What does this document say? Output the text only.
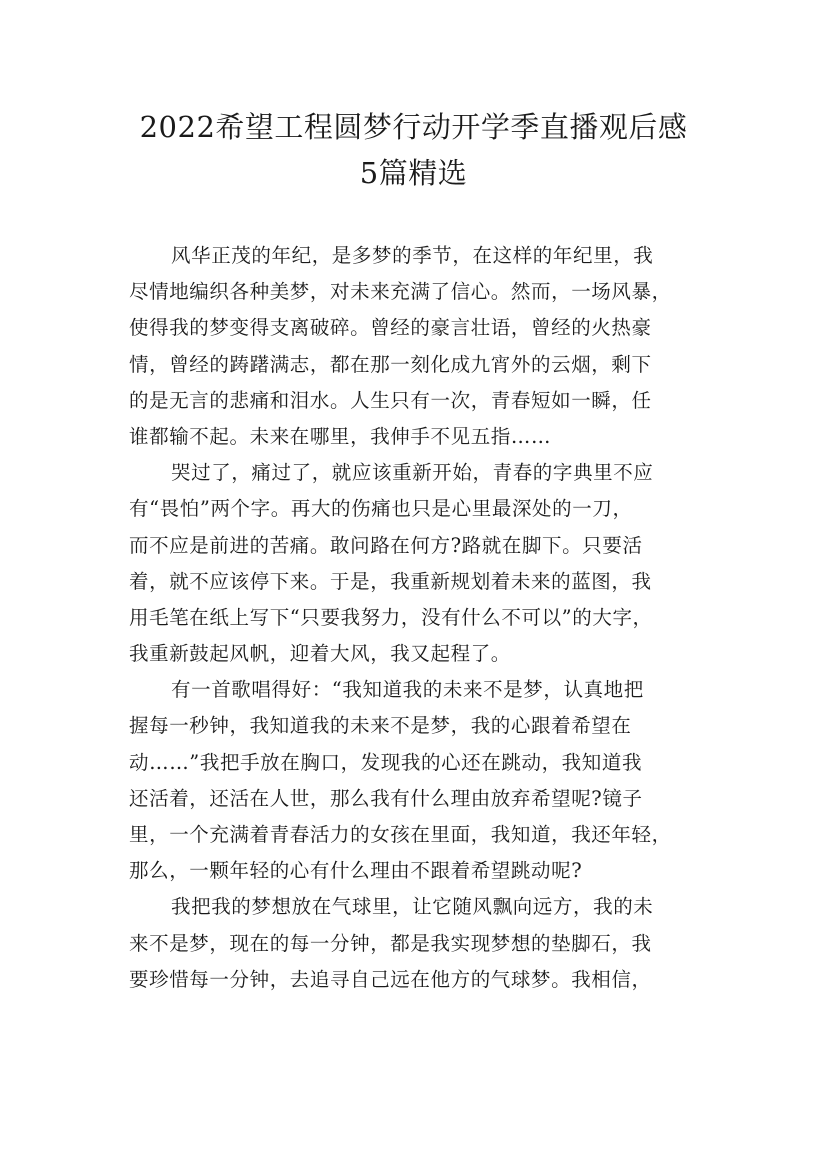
2022希望工程圆梦行动开学季直播观后感
5篇精选
风华正茂的年纪，是多梦的季节，在这样的年纪里，我
尽情地编织各种美梦，对未来充满了信心。然而，一场风暴，
使得我的梦变得支离破碎。曾经的豪言壮语，曾经的火热豪
情，曾经的踌躇满志，都在那一刻化成九宵外的云烟，剩下
的是无言的悲痛和泪水。人生只有一次，青春短如一瞬，任
谁都输不起。未来在哪里，我伸手不见五指……
哭过了，痛过了，就应该重新开始，青春的字典里不应
有“畏怕”两个字。再大的伤痛也只是心里最深处的一刀，
而不应是前进的苦痛。敢问路在何方?路就在脚下。只要活
着，就不应该停下来。于是，我重新规划着未来的蓝图，我
用毛笔在纸上写下“只要我努力，没有什么不可以”的大字，
我重新鼓起风帆，迎着大风，我又起程了。
有一首歌唱得好：“我知道我的未来不是梦，认真地把
握每一秒钟，我知道我的未来不是梦，我的心跟着希望在
动……”我把手放在胸口，发现我的心还在跳动，我知道我
还活着，还活在人世，那么我有什么理由放弃希望呢?镜子
里，一个充满着青春活力的女孩在里面，我知道，我还年轻，
那么，一颗年轻的心有什么理由不跟着希望跳动呢?
我把我的梦想放在气球里，让它随风飘向远方，我的未
来不是梦，现在的每一分钟，都是我实现梦想的垫脚石，我
要珍惜每一分钟，去追寻自己远在他方的气球梦。我相信，
